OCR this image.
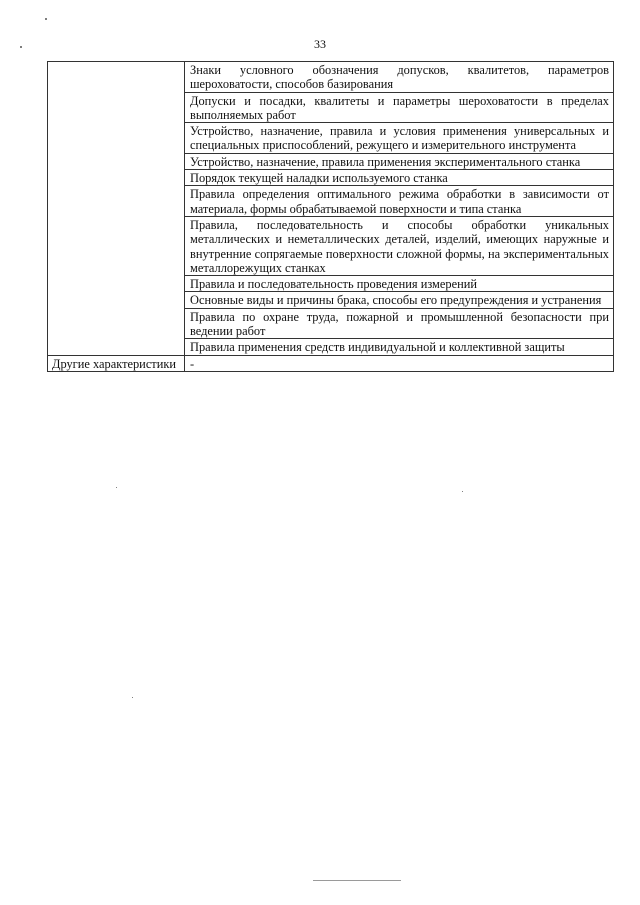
33
	Знаки условного обозначения допусков, квалитетов, параметров шероховатости, способов базирования
	Допуски и посадки, квалитеты и параметры шероховатости в пределах выполняемых работ
	Устройство, назначение, правила и условия применения универсальных и специальных приспособлений, режущего и измерительного инструмента
	Устройство, назначение, правила применения экспериментального станка
	Порядок текущей наладки используемого станка
	Правила определения оптимального режима обработки в зависимости от материала, формы обрабатываемой поверхности и типа станка
	Правила, последовательность и способы обработки уникальных металлических и неметаллических деталей, изделий, имеющих наружные и внутренние сопрягаемые поверхности сложной формы, на экспериментальных металлорежущих станках
	Правила и последовательность проведения измерений
	Основные виды и причины брака, способы его предупреждения и устранения
	Правила по охране труда, пожарной и промышленной безопасности при ведении работ
	Правила применения средств индивидуальной и коллективной защиты
Другие характеристики	-
